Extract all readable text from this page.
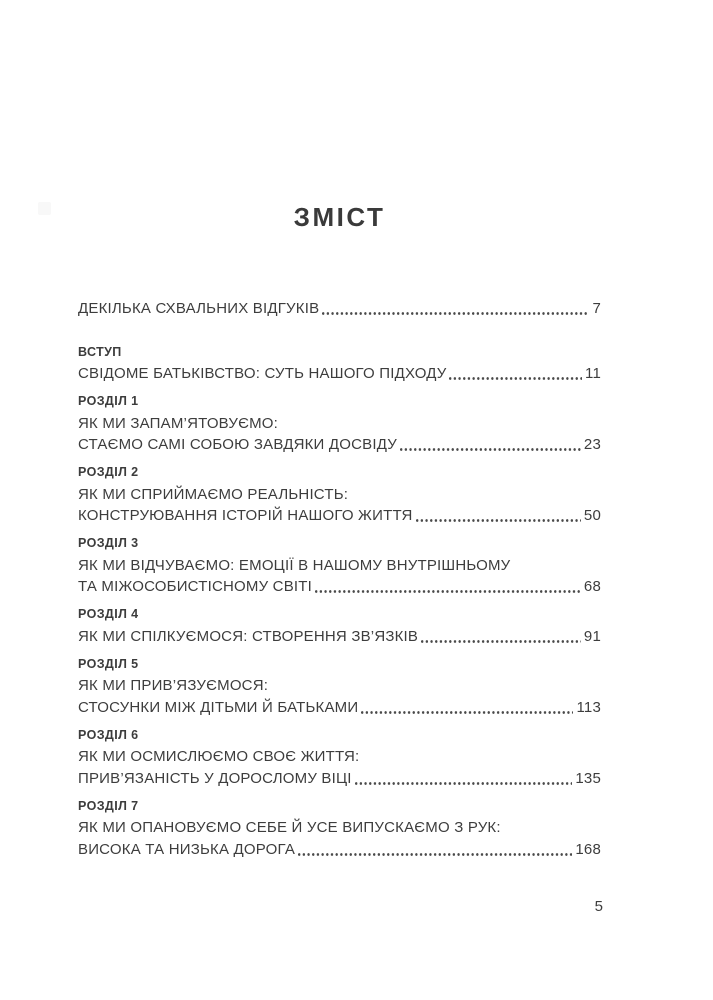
ЗМІСТ
ДЕКІЛЬКА СХВАЛЬНИХ ВІДГУКІВ	7
ВСТУП
СВІДОМЕ БАТЬКІВСТВО: СУТЬ НАШОГО ПІДХОДУ	11
РОЗДІЛ 1
ЯК МИ ЗАПАМ’ЯТОВУЄМО:
СТАЄМО САМІ СОБОЮ ЗАВДЯКИ ДОСВІДУ	23
РОЗДІЛ 2
ЯК МИ СПРИЙМАЄМО РЕАЛЬНІСТЬ:
КОНСТРУЮВАННЯ ІСТОРІЙ НАШОГО ЖИТТЯ	50
РОЗДІЛ 3
ЯК МИ ВІДЧУВАЄМО: ЕМОЦІЇ В НАШОМУ ВНУТРІШНЬОМУ
ТА МІЖОСОБИСТІСНОМУ СВІТІ	68
РОЗДІЛ 4
ЯК МИ СПІЛКУЄМОСЯ: СТВОРЕННЯ ЗВ’ЯЗКІВ	91
РОЗДІЛ 5
ЯК МИ ПРИВ’ЯЗУЄМОСЯ:
СТОСУНКИ МІЖ ДІТЬМИ Й БАТЬКАМИ	113
РОЗДІЛ 6
ЯК МИ ОСМИСЛЮЄМО СВОЄ ЖИТТЯ:
ПРИВ’ЯЗАНІСТЬ У ДОРОСЛОМУ ВІЦІ	135
РОЗДІЛ 7
ЯК МИ ОПАНОВУЄМО СЕБЕ Й УСЕ ВИПУСКАЄМО З РУК:
ВИСОКА ТА НИЗЬКА ДОРОГА	168
5
